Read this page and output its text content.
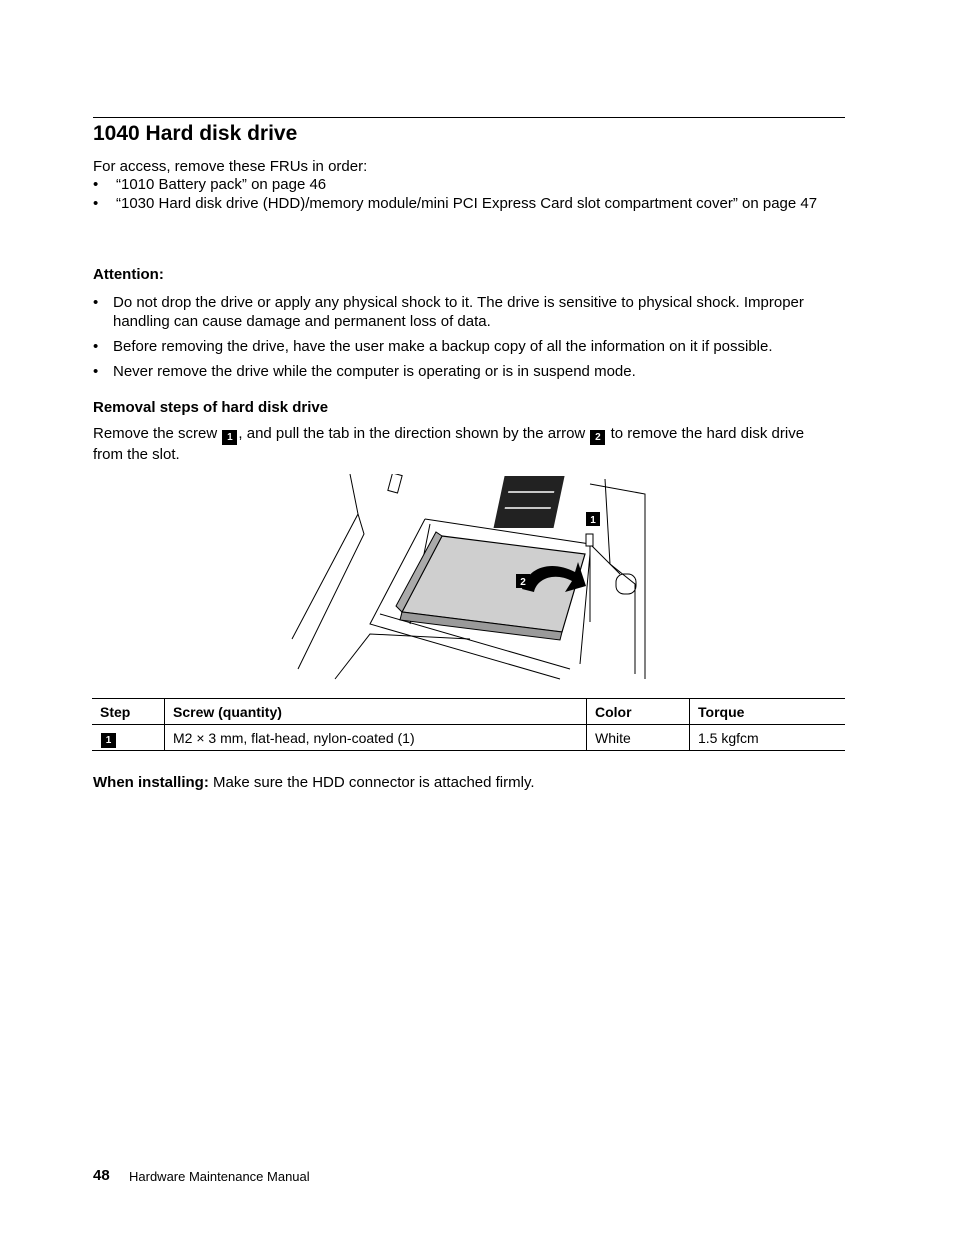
1040 Hard disk drive

For access, remove these FRUs in order:

• “1010 Battery pack” on page 46
• “1030 Hard disk drive (HDD)/memory module/mini PCI Express Card slot compartment cover” on page 47

Attention:

• Do not drop the drive or apply any physical shock to it. The drive is sensitive to physical shock. Improper handling can cause damage and permanent loss of data.
• Before removing the drive, have the user make a backup copy of all the information on it if possible.
• Never remove the drive while the computer is operating or is in suspend mode.

Removal steps of hard disk drive

Remove the screw 1 , and pull the tab in the direction shown by the arrow 2 to remove the hard disk drive from the slot.

1
2
Step	Screw (quantity)	Color	Torque
1	M2 × 3 mm, flat-head, nylon-coated (1)	White	1.5 kgfcm

When installing: Make sure the HDD connector is attached firmly.

48 Hardware Maintenance Manual
